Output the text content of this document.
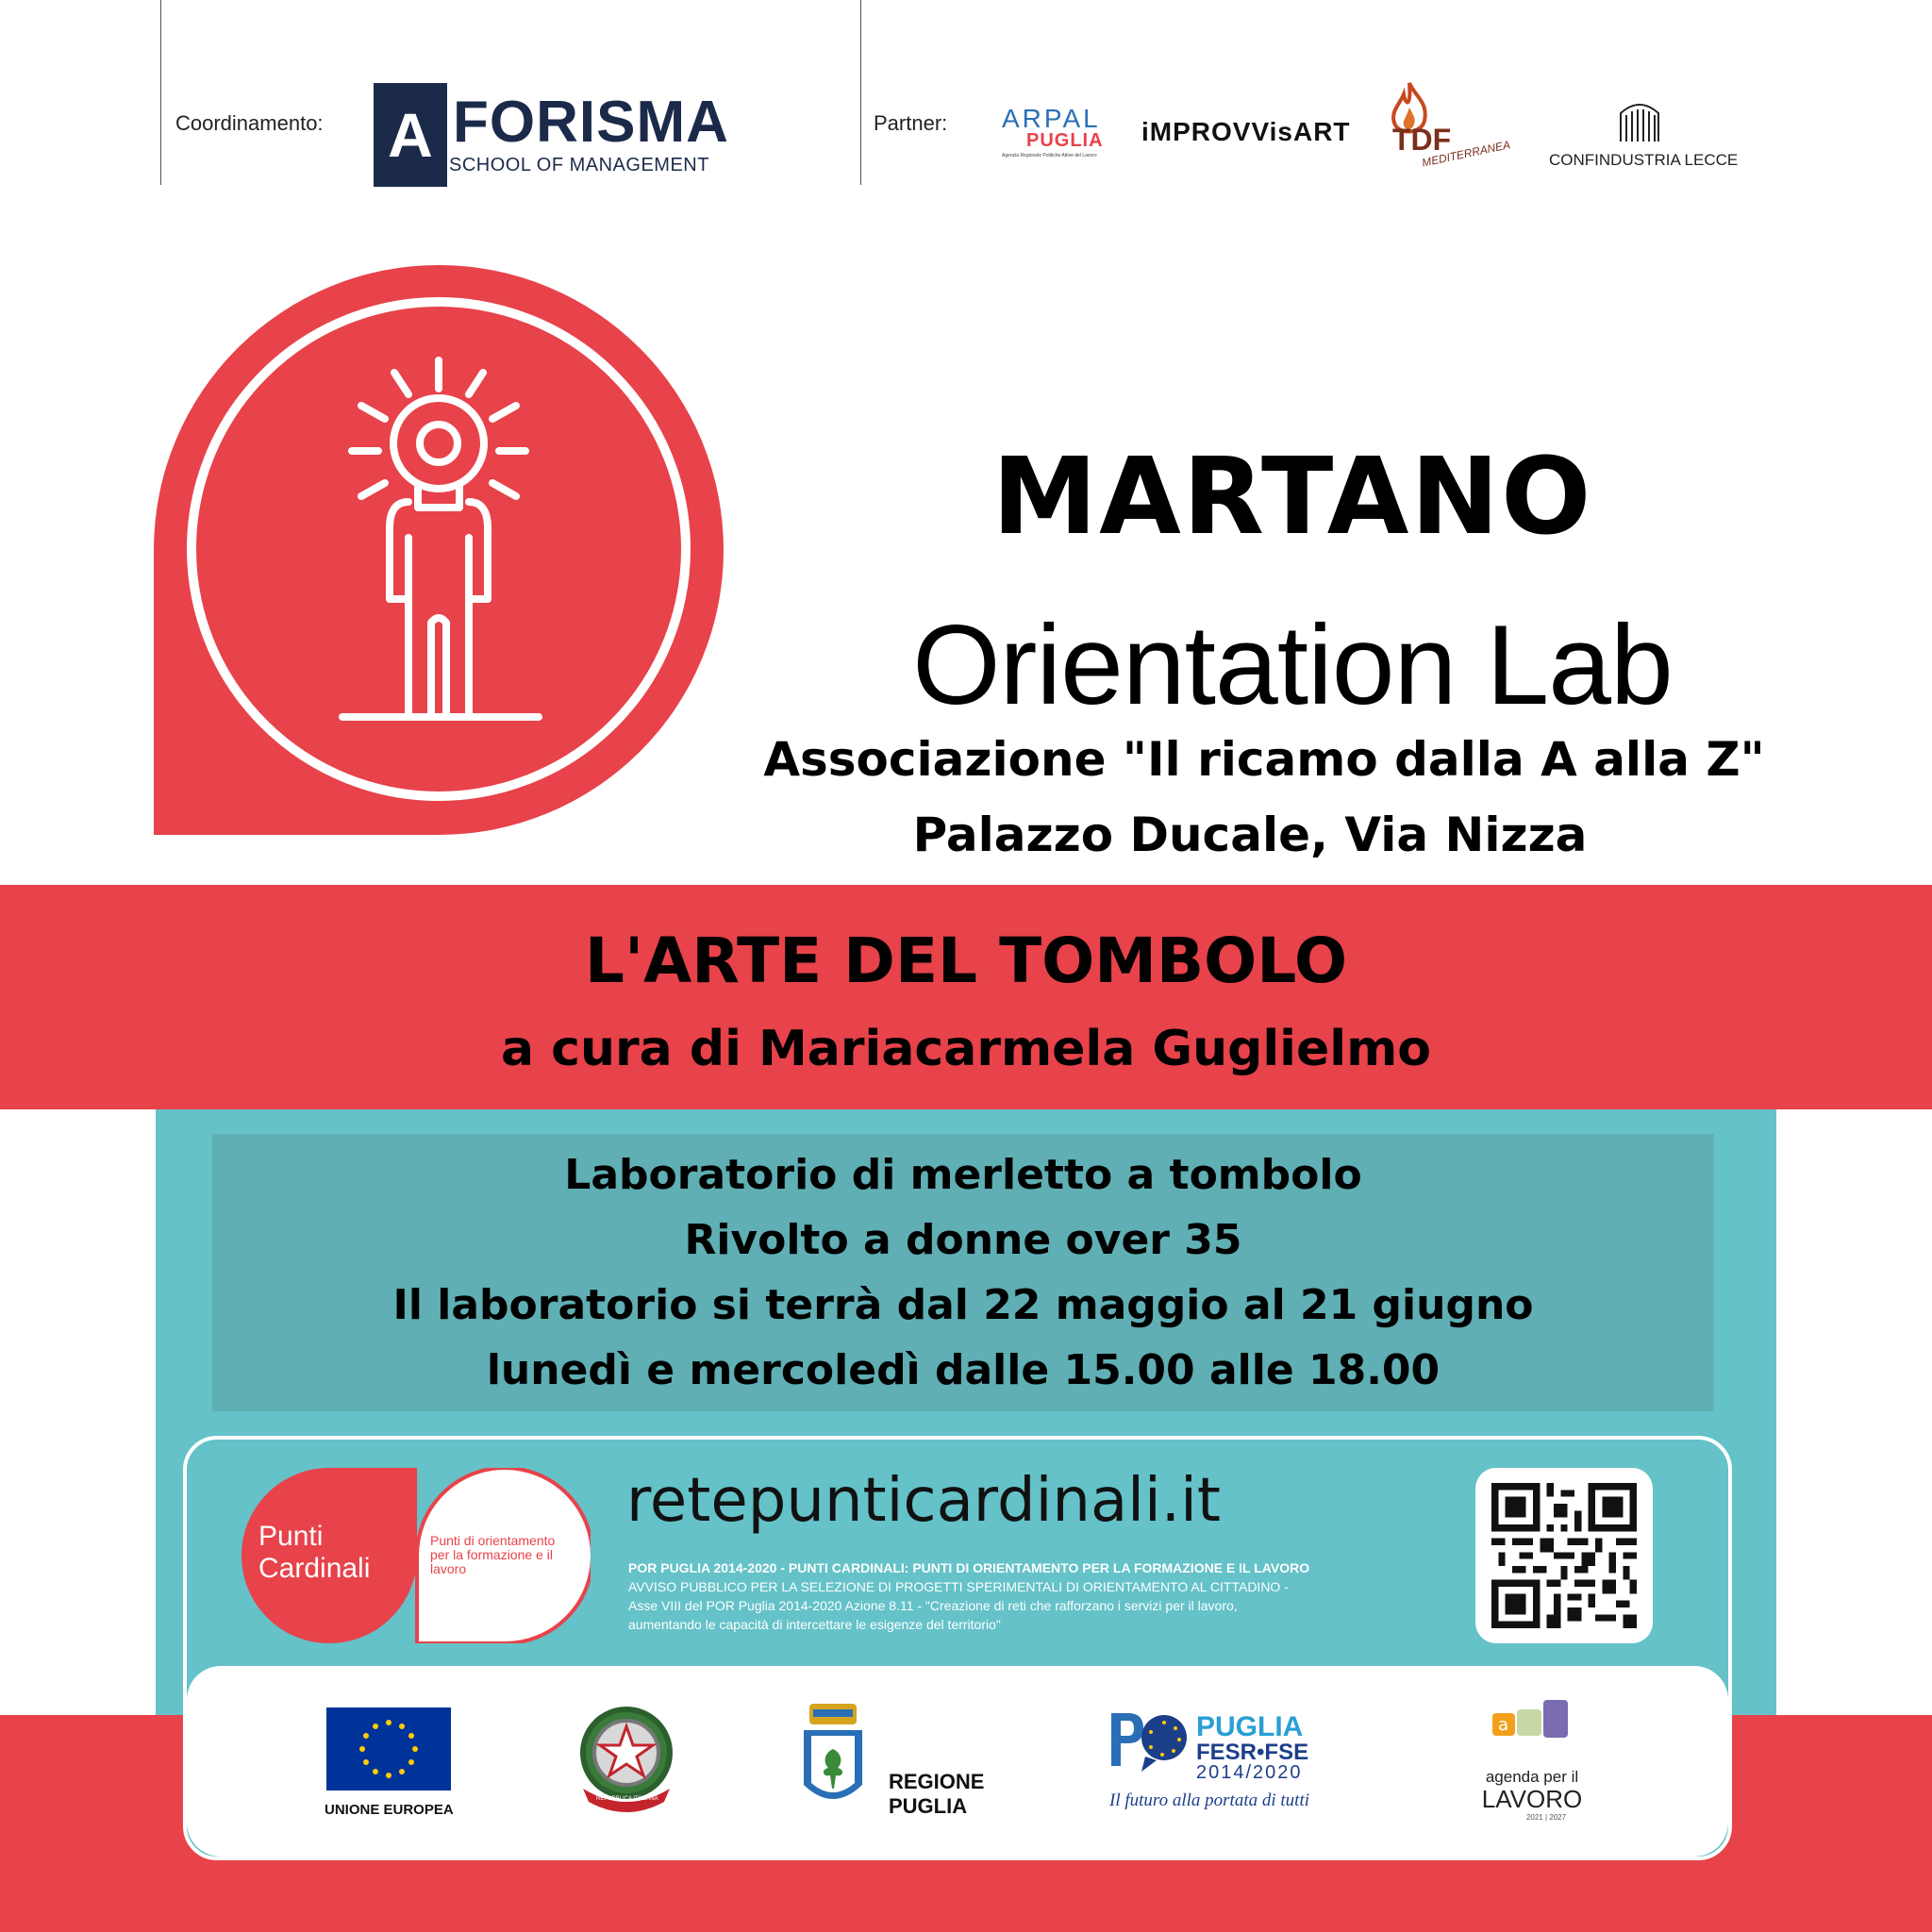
Coordinamento: A FORISMA
SCHOOL OF MANAGEMENT
Partner: ARPAL
PUGLIA
Agenzia Regionale Politiche Attive del Lavoro
iMPROVVisART TDF
MEDITERRANEA CONFINDUSTRIA LECCE
MARTANO
Orientation Lab
Associazione "Il ricamo dalla A alla Z"
Palazzo Ducale, Via Nizza
L'ARTE DEL TOMBOLO
a cura di Mariacarmela Guglielmo
Laboratorio di merletto a tombolo
Rivolto a donne over 35
Il laboratorio si terrà dal 22 maggio al 21 giugno
lunedì e mercoledì dalle 15.00 alle 18.00
Punti
Cardinali
Punti di orientamento per la formazione e il lavoro
retepunticardinali.it
POR PUGLIA 2014-2020 - PUNTI CARDINALI: PUNTI DI ORIENTAMENTO PER LA FORMAZIONE E IL LAVORO
AVVISO PUBBLICO PER LA SELEZIONE DI PROGETTI SPERIMENTALI DI ORIENTAMENTO AL CITTADINO -
Asse VIII del POR Puglia 2014-2020 Azione 8.11 - "Creazione di reti che rafforzano i servizi per il lavoro,
aumentando le capacità di intercettare le esigenze del territorio"
UNIONE EUROPEA
REPUBBLICA ITALIANA
REGIONE
PUGLIA
PUGLIA
FESR•FSE
2014/2020
Il futuro alla portata di tutti
a
agenda per il
LAVORO
2021 | 2027
